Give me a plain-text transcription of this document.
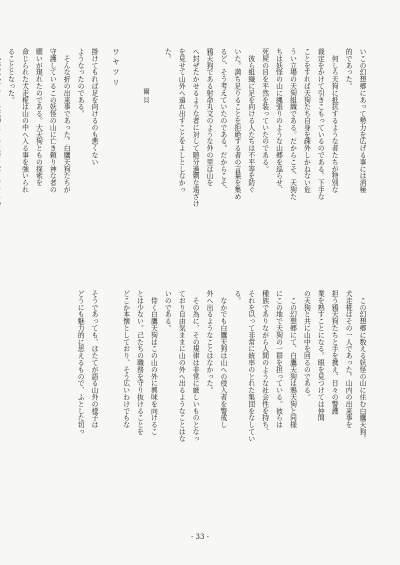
ワヤツリ
爾貝	いこの幻想郷にあって勢力を広げる事には消極

的であった。

　何しろ天狗に抵抗するような者たちが特別な

裁定をかけて引きこもっているのである。下手な

ことをすれば天狗たち自身を疎外しかねない危

うい立場の天狗組織である。だからこそ、天狗た

ちは妖怪の山に縄張りのような山郷を巡らせ、

死屍の目を平然を装っていたのである。

　彼ら組織に足を向ける人たちは不平等を防ぐ

いた。満ち足りることを拒絶する者の言葉を集め

るど、そう考えていたのである。だからこそ、

鴉天狗である射命丸文のような外の里は山を

へ封ぜたかせるような者に対して随分過剰な遠ざけ

を見せて山外へ遠れ出すことをよしとしなかっ

た。

掛けてもれば足を向けるのも悪くない

ようなったのである。

　そんな折の出来事であった。白鷹天狗たちが

守護しているこの妖怪の山に亡き頼り神な者の

願いが現れたのである。大天狗ともの探索を

命じられた犬走椛は山の中へ入る事を強いられ

ることとなった。

　この幻想郷に数える妖怪の山に住む白鷹天狗。

犬走椛はその一人であった。山内の出来事を

担う鴉天狗たちと手を携え、日々の警護

業を熟すことになる。眼を見つけては仲間

の天狗と共に山中を回るのである。

　この幻想郷にて、白鷹天狗は鴉天狗と同様

にこの地で天狗の一群を担っている。彼らは

種族でありながら人間のような社会性を持ち、

それを以って非常に統率のとれた集団をなしてい

る。

　なかでも白鷹天狗は山への侵入者を警戒し

外へ出るようなことはなかった。

　その為に、その規律は非常に厳しいものとなっ

ており自由気ままに山の外へ出るようなことはな

いのである。

　侍く白鷹天狗はこの山の外に興味を向けるこ

とは少ない。己たちの職務を守り抜けることを

どこか本懐としており、そう広いわけでもな

そうであっても、ほたてが語る山外の様子は

どうにも魅力的に思えるもので、ふとした切っ

- 33 -
